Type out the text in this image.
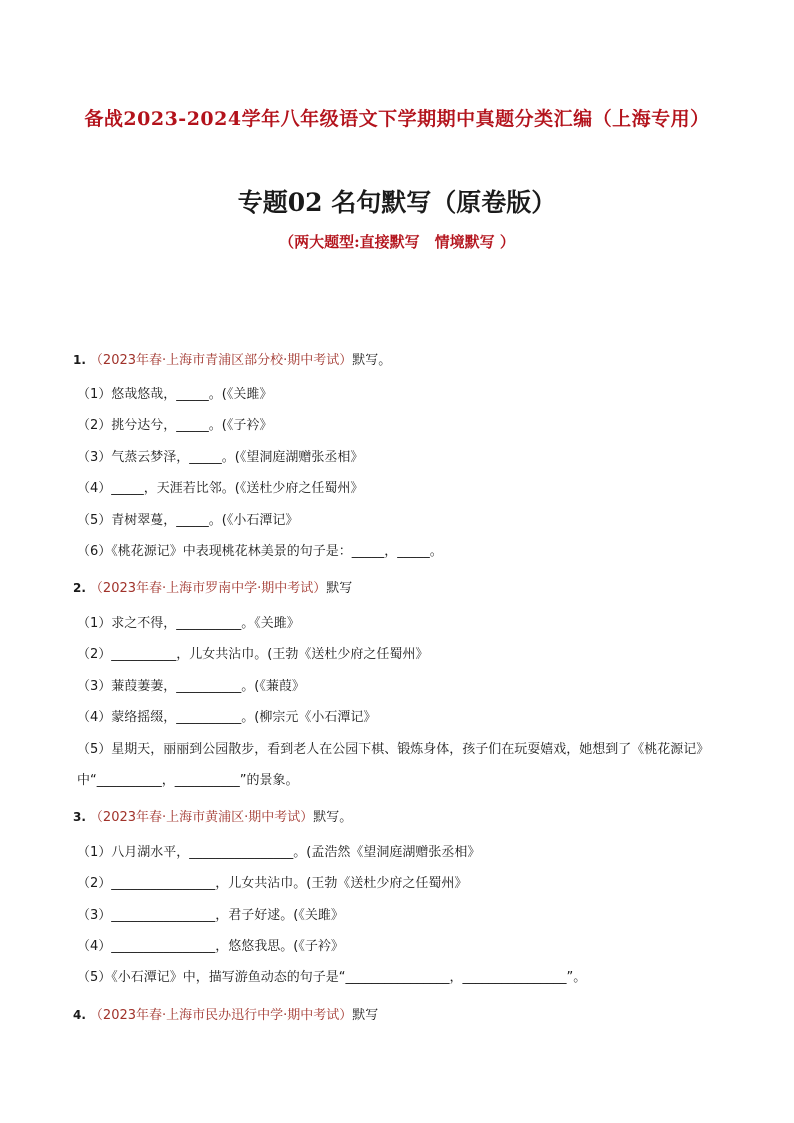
备战2023-2024学年八年级语文下学期期中真题分类汇编（上海专用）
专题02 名句默写（原卷版）
（两大题型:直接默写　情境默写 ）
1. （2023年春·上海市青浦区部分校·期中考试）默写。
（1）悠哉悠哉，_____。(《关雎》
（2）挑兮达兮，_____。(《子衿》
（3）气蒸云梦泽，_____。(《望洞庭湖赠张丞相》
（4）_____，天涯若比邻。(《送杜少府之任蜀州》
（5）青树翠蔓，_____。(《小石潭记》
（6）《桃花源记》中表现桃花林美景的句子是：_____，_____。
2. （2023年春·上海市罗南中学·期中考试）默写
（1）求之不得，__________。《关雎》
（2）__________，儿女共沾巾。(王勃《送杜少府之任蜀州》
（3）蒹葭萋萋，__________。(《蒹葭》
（4）蒙络摇缀，__________。(柳宗元《小石潭记》
（5）星期天，丽丽到公园散步，看到老人在公园下棋、锻炼身体，孩子们在玩耍嬉戏，她想到了《桃花源记》中“__________，__________”的景象。
3. （2023年春·上海市黄浦区·期中考试）默写。
（1）八月湖水平，________________。(孟浩然《望洞庭湖赠张丞相》
（2）________________，儿女共沾巾。(王勃《送杜少府之任蜀州》
（3）________________，君子好逑。(《关雎》
（4）________________，悠悠我思。(《子衿》
（5）《小石潭记》中，描写游鱼动态的句子是“________________，________________”。
4. （2023年春·上海市民办迅行中学·期中考试）默写
